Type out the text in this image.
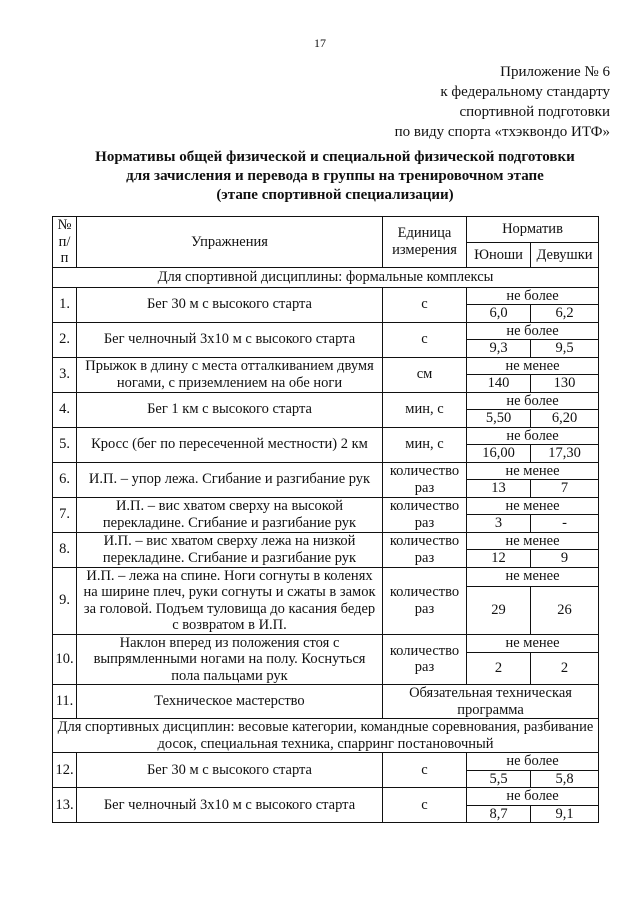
17
Приложение № 6
к федеральному стандарту
спортивной подготовки
по виду спорта «тхэквондо ИТФ»
Нормативы общей физической и специальной физической подготовки
для зачисления и перевода в группы на тренировочном этапе
(этапе спортивной специализации)
№ п/п	Упражнения	Единица измерения	Норматив	
			Юноши	Девушки
Для спортивной дисциплины: формальные комплексы				
1.	Бег 30 м с высокого старта	с	не более	
			6,0	6,2
2.	Бег челночный 3х10 м с высокого старта	с	не более	
			9,3	9,5
3.	Прыжок в длину с места отталкиванием двумя ногами, с приземлением на обе ноги	см	не менее	
			140	130
4.	Бег 1 км с высокого старта	мин, с	не более	
			5,50	6,20
5.	Кросс (бег по пересеченной местности) 2 км	мин, с	не более	
			16,00	17,30
6.	И.П. – упор лежа. Сгибание и разгибание рук	количество раз	не менее	
			13	7
7.	И.П. – вис хватом сверху на высокой перекладине. Сгибание и разгибание рук	количество раз	не менее	
			3	-
8.	И.П. – вис хватом сверху лежа на низкой перекладине. Сгибание и разгибание рук	количество раз	не менее	
			12	9
9.	И.П. – лежа на спине. Ноги согнуты в коленях на ширине плеч, руки согнуты и сжаты в замок за головой. Подъем туловища до касания бедер с возвратом в И.П.	количество раз	не менее	
			29	26
10.	Наклон вперед из положения стоя с выпрямленными ногами на полу. Коснуться пола пальцами рук	количество раз	не менее	
			2	2
11.	Техническое мастерство	Обязательная техническая программа		
Для спортивных дисциплин: весовые категории, командные соревнования, разбивание досок, специальная техника, спарринг постановочный				
12.	Бег 30 м с высокого старта	с	не более	
			5,5	5,8
13.	Бег челночный 3х10 м с высокого старта	с	не более	
			8,7	9,1
